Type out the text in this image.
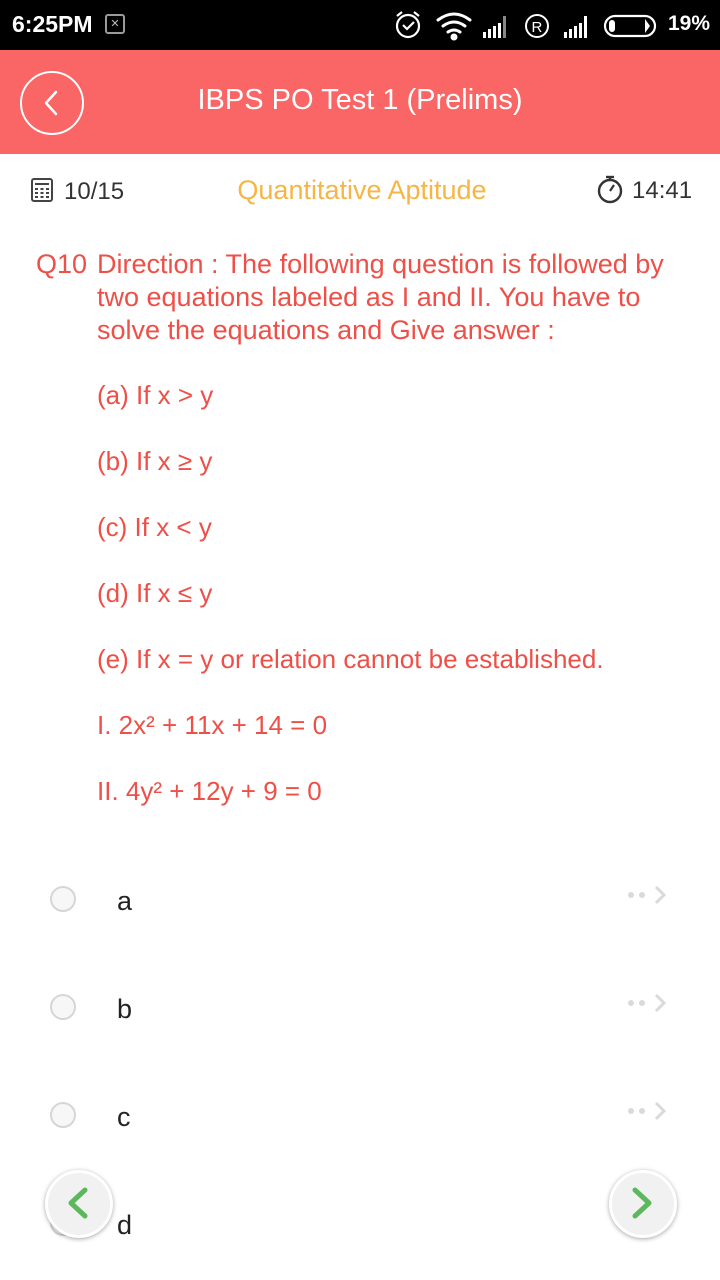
6:25PM	✕	R	19%
IBPS PO Test 1 (Prelims)
10/15	Quantitative Aptitude	14:41
Q10 Direction : The following question is followed by two equations labeled as I and II. You have to solve the equations and Give answer :
(a) If x > y
(b) If x ≥ y
(c) If x < y
(d) If x ≤ y
(e) If x = y or relation cannot be established.
I. 2x² + 11x + 14 = 0
II. 4y² + 12y + 9 = 0
a
b
c
d
